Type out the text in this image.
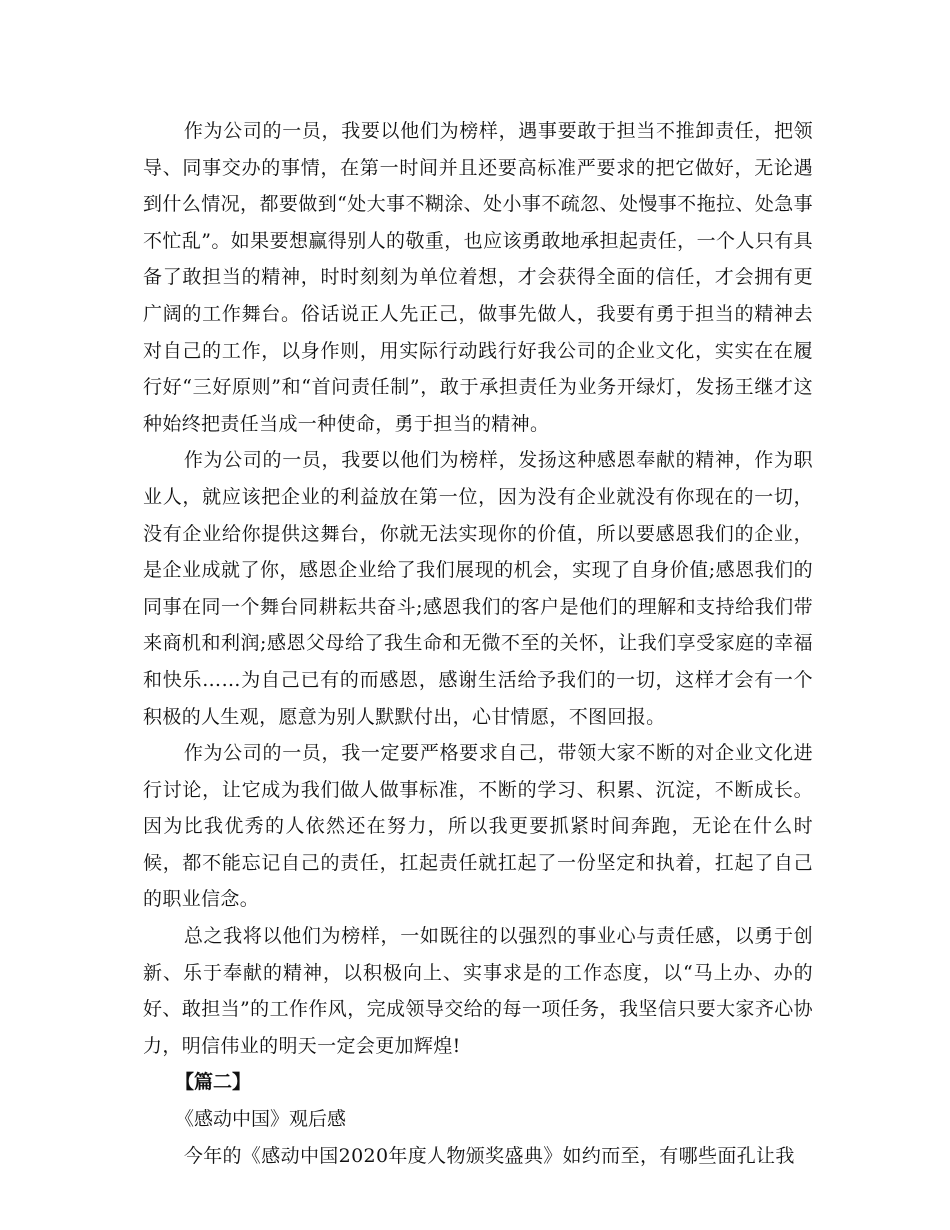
作为公司的一员，我要以他们为榜样，遇事要敢于担当不推卸责任，把领导、同事交办的事情，在第一时间并且还要高标准严要求的把它做好，无论遇到什么情况，都要做到“处大事不糊涂、处小事不疏忽、处慢事不拖拉、处急事不忙乱”。如果要想赢得别人的敬重，也应该勇敢地承担起责任，一个人只有具备了敢担当的精神，时时刻刻为单位着想，才会获得全面的信任，才会拥有更广阔的工作舞台。俗话说正人先正己，做事先做人，我要有勇于担当的精神去对自己的工作，以身作则，用实际行动践行好我公司的企业文化，实实在在履行好“三好原则”和“首问责任制”，敢于承担责任为业务开绿灯，发扬王继才这种始终把责任当成一种使命，勇于担当的精神。

作为公司的一员，我要以他们为榜样，发扬这种感恩奉献的精神，作为职业人，就应该把企业的利益放在第一位，因为没有企业就没有你现在的一切，没有企业给你提供这舞台，你就无法实现你的价值，所以要感恩我们的企业，是企业成就了你，感恩企业给了我们展现的机会，实现了自身价值;感恩我们的同事在同一个舞台同耕耘共奋斗;感恩我们的客户是他们的理解和支持给我们带来商机和利润;感恩父母给了我生命和无微不至的关怀，让我们享受家庭的幸福和快乐……为自己已有的而感恩，感谢生活给予我们的一切，这样才会有一个积极的人生观，愿意为别人默默付出，心甘情愿，不图回报。

作为公司的一员，我一定要严格要求自己，带领大家不断的对企业文化进行讨论，让它成为我们做人做事标准，不断的学习、积累、沉淀，不断成长。因为比我优秀的人依然还在努力，所以我更要抓紧时间奔跑，无论在什么时候，都不能忘记自己的责任，扛起责任就扛起了一份坚定和执着，扛起了自己的职业信念。

总之我将以他们为榜样，一如既往的以强烈的事业心与责任感，以勇于创新、乐于奉献的精神，以积极向上、实事求是的工作态度，以“马上办、办的好、敢担当”的工作作风，完成领导交给的每一项任务，我坚信只要大家齐心协力，明信伟业的明天一定会更加辉煌!

【篇二】

《感动中国》观后感

今年的《感动中国2020年度人物颁奖盛典》如约而至，有哪些面孔让我
